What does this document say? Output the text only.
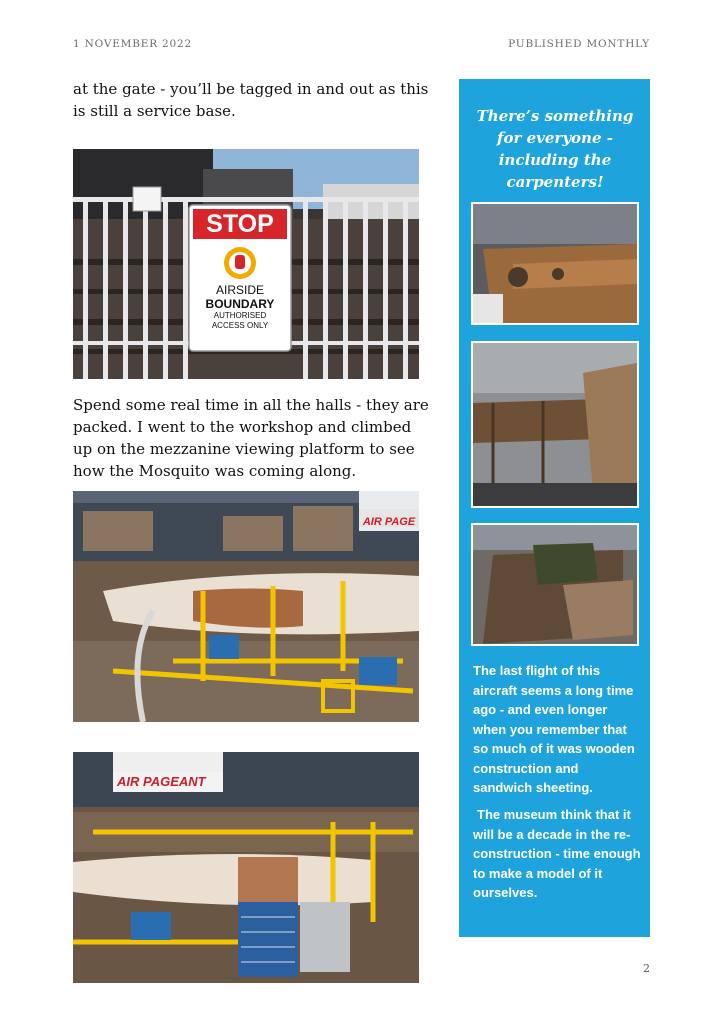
1 NOVEMBER 2022	PUBLISHED MONTHLY
at the gate - you’ll be tagged in and out as this is still a service base.
STOP
AIRSIDE
BOUNDARY
AUTHORISED
ACCESS ONLY
Spend some real time in all the halls - they are packed. I went to the workshop and climbed up on the mezzanine viewing platform to see how the Mosquito was coming along.
AIR PAGE
AIR PAGEANT
There’s something for everyone - including the carpenters!
The last flight of this aircraft seems a long time ago - and even longer when you remember that so much of it was wooden construction and sandwich sheeting.
The museum think that it will be a decade in the re-construction - time enough to make a model of it ourselves.
2
